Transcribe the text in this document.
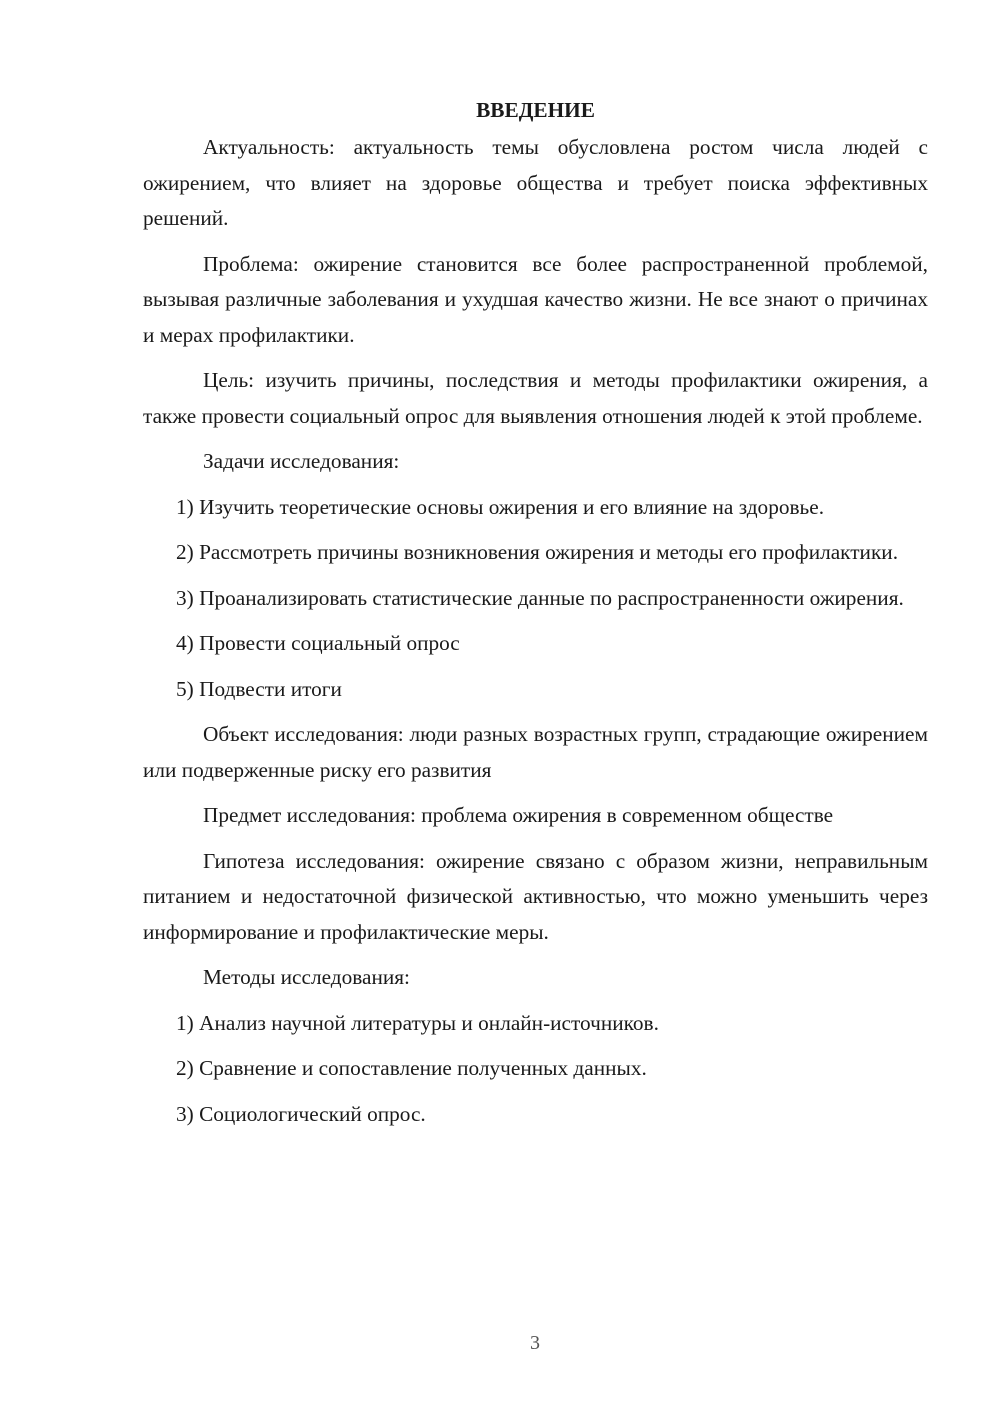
ВВЕДЕНИЕ

Актуальность: актуальность темы обусловлена ростом числа людей с ожирением, что влияет на здоровье общества и требует поиска эффективных решений.

Проблема: ожирение становится все более распространенной проблемой, вызывая различные заболевания и ухудшая качество жизни. Не все знают о причинах и мерах профилактики.

Цель: изучить причины, последствия и методы профилактики ожирения, а также провести социальный опрос для выявления отношения людей к этой проблеме.

Задачи исследования:

1) Изучить теоретические основы ожирения и его влияние на здоровье.

2) Рассмотреть причины возникновения ожирения и методы его профилактики.

3) Проанализировать статистические данные по распространенности ожирения.

4) Провести социальный опрос

5) Подвести итоги

Объект исследования: люди разных возрастных групп, страдающие ожирением или подверженные риску его развития

Предмет исследования: проблема ожирения в современном обществе

Гипотеза исследования: ожирение связано с образом жизни, неправильным питанием и недостаточной физической активностью, что можно уменьшить через информирование и профилактические меры.

Методы исследования:

1) Анализ научной литературы и онлайн-источников.

2) Сравнение и сопоставление полученных данных.

3) Социологический опрос.

3
